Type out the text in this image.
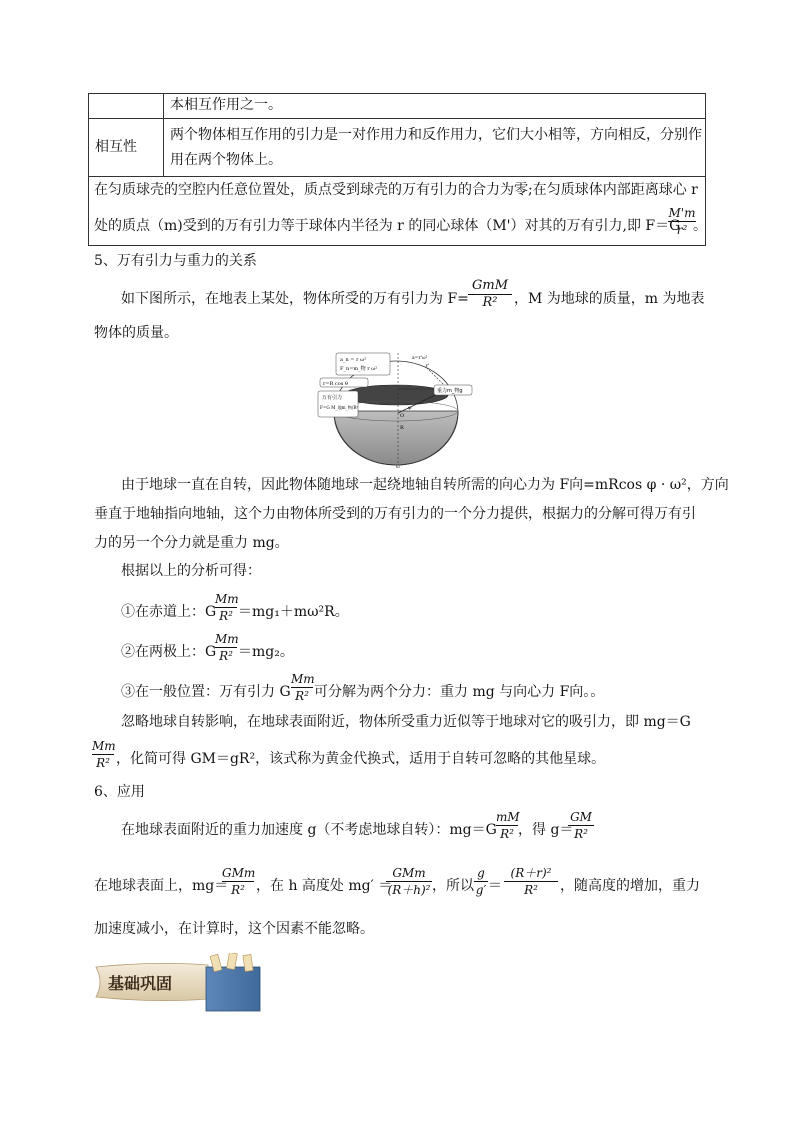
本相互作用之一。
相互性
两个物体相互作用的引力是一对作用力和反作用力，它们大小相等，方向相反，分别作
用在两个物体上。
在匀质球壳的空腔内任意位置处，质点受到球壳的万有引力的合力为零;在匀质球体内部距离球心 r
处的质点（m)受到的万有引力等于球体内半径为 r 的同心球体（M'）对其的万有引力,即 F＝G
M'm
r² 。
5、万有引力与重力的关系
如下图所示，在地表上某处，物体所受的万有引力为 F=
GmM
R²	，M 为地球的质量，m 为地表
物体的质量。
a_n = r ω²
F_n=m_物 r ω²
r=R cos θ
万有引力
F=G M_地m_物/R²
重力m_物g
a=r'ω²
r'
O
φ
R
ω
由于地球一直在自转，因此物体随地球一起绕地轴自转所需的向心力为 F向=mRcos φ · ω²，方向
垂直于地轴指向地轴，这个力由物体所受到的万有引力的一个分力提供，根据力的分解可得万有引
力的另一个分力就是重力 mg。
根据以上的分析可得：
①在赤道上：G
Mm
R² ＝mg₁＋mω²R。
②在两极上：G
Mm
R² ＝mg₂。
③在一般位置：万有引力 G
Mm
R² 可分解为两个分力：重力 mg 与向心力 F向。。
忽略地球自转影响，在地球表面附近，物体所受重力近似等于地球对它的吸引力，即 mg＝G
Mm
R² ，化简可得 GM＝gR²，该式称为黄金代换式，适用于自转可忽略的其他星球。
6、应用
在地球表面附近的重力加速度 g（不考虑地球自转）：mg＝G
mM
R² ，得 g＝
GM
R²
在地球表面上，mg＝
GMm
R² ，在 h 高度处 mg′ ＝
GMm
(R＋h)² ，所以
g
g′ ＝
(R＋r)²
R²	，随高度的增加，重力
加速度减小，在计算时，这个因素不能忽略。
基础巩固
